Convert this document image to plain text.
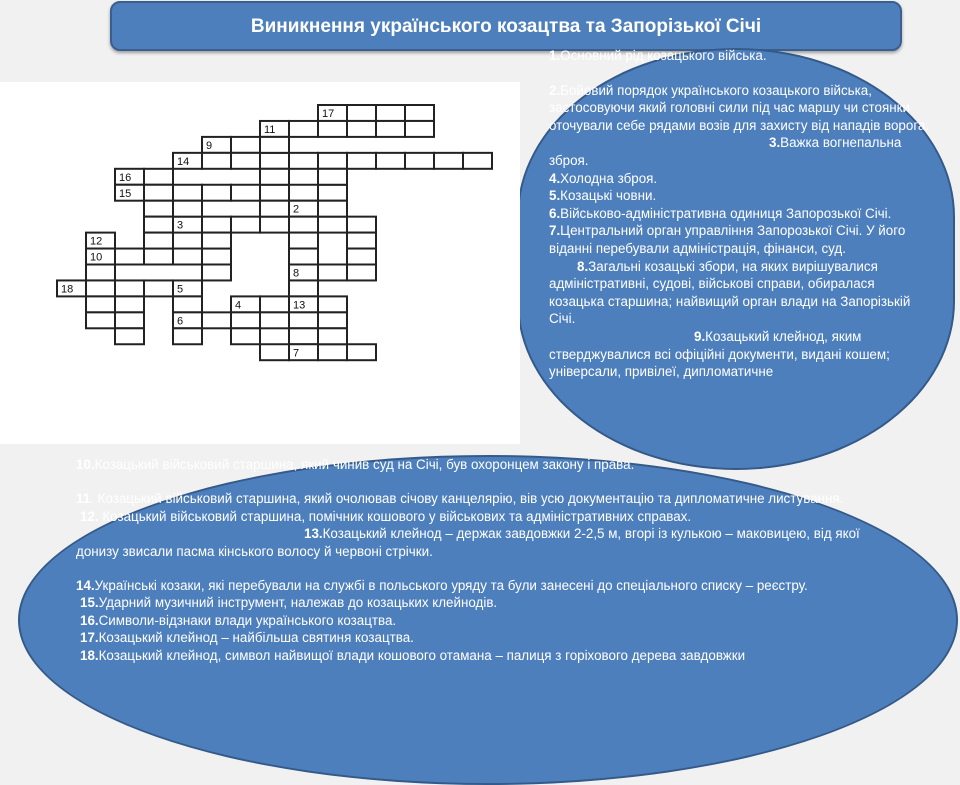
Виникнення українського козацтва та Запорізької Січі
17
11
9
14
16
15
2
3
12
10
8
18	5
4	13
6
7

1.Основний рід козацького війська.

2.Бойовий порядок українського козацького війська, застосовуючи який головні сили під час маршу чи стоянки оточували себе рядами возів для захисту від нападів ворога.

3.Важка вогнепальна зброя.

4.Холодна зброя.

5.Козацькі човни.

6.Військово-адміністративна одиниця Запорозької Січі.

7.Центральний орган управління Запорозької Січі. У його віданні перебували адміністрація, фінанси, суд.

8.Загальні козацькі збори, на яких вирішувалися адміністративні, судові, військові справи, обиралася козацька старшина; найвищий орган влади на Запорізькій Січі.

9.Козацький клейнод, яким стверджувалися всі офіційні документи, видані кошем; універсали, привілеї, дипломатичне

10.Козацький військовий старшина, який чинив суд на Січі, був охоронцем закону і права.

11. Козацький військовий старшина, який очолював січову канцелярію, вів усю документацію та дипломатичне листування.

12. Козацький військовий старшина, помічник кошового у військових та адміністративних справах.

13.Козацький клейнод – держак завдовжки 2-2,5 м, вгорі із кулькою – маковицею, від якої донизу звисали пасма кінського волосу й червоні стрічки.

14.Українські козаки, які перебували на службі в польського уряду та були занесені до спеціального списку – реєстру.

15.Ударний музичний інструмент, належав до козацьких клейнодів.

16.Символи-відзнаки влади українського козацтва.

17.Козацький клейнод – найбільша святиня козацтва.

18.Козацький клейнод, символ найвищої влади кошового отамана – палиця з горіхового дерева завдовжки
